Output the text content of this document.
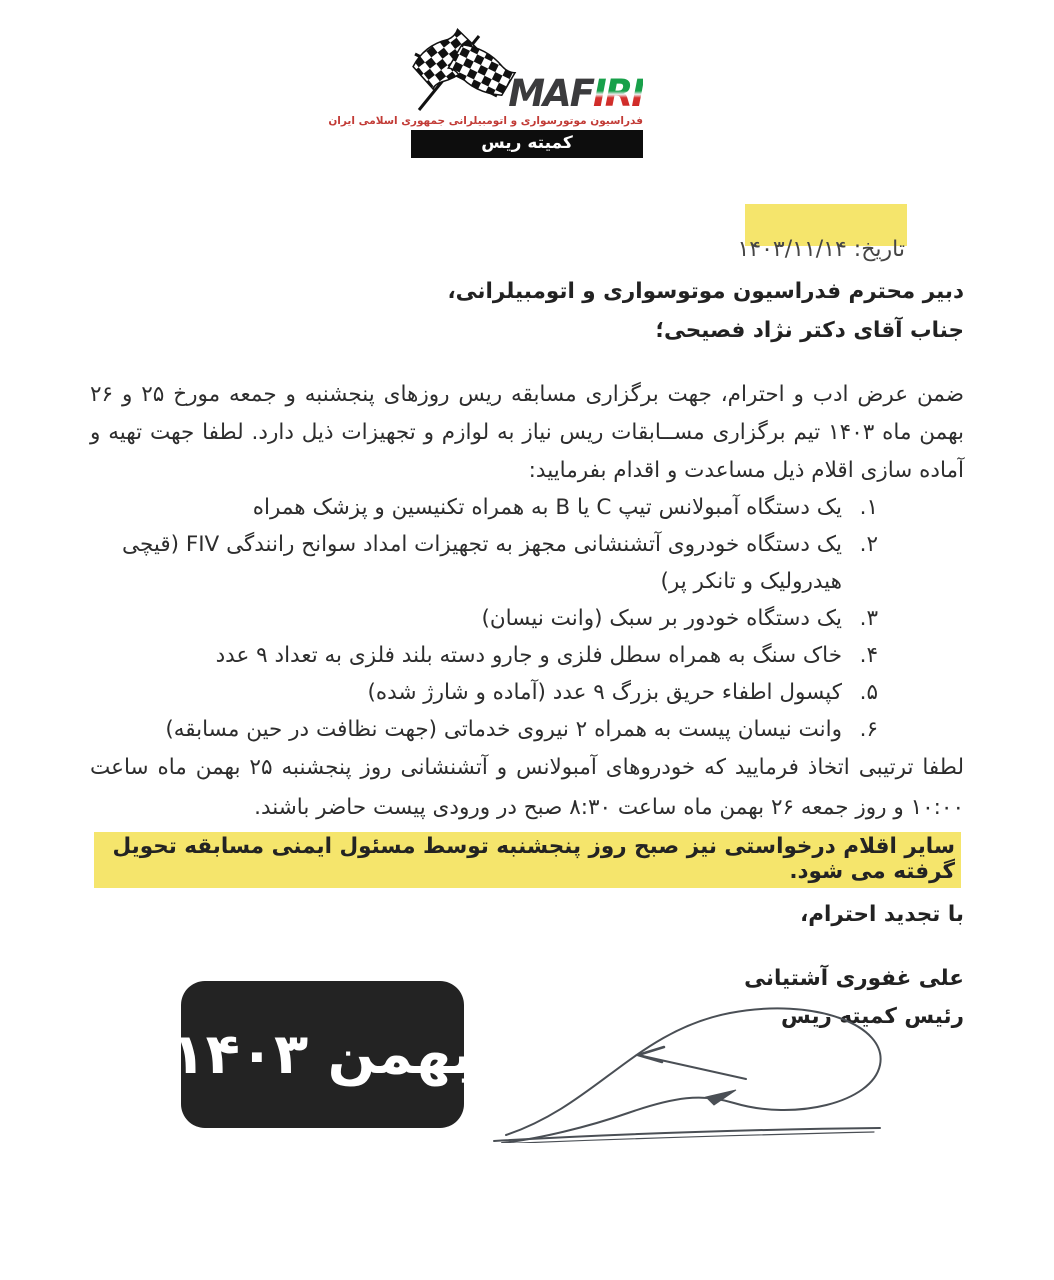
MAFIRI
فدراسیون موتورسواری و اتومبیلرانی جمهوری اسلامی ایران
کمیته ریس
تاریخ: ۱۴۰۳/۱۱/۱۴
دبیر محترم فدراسیون موتوسواری و اتومبیلرانی،
جناب آقای دکتر نژاد فصیحی؛
ضمن عرض ادب و احترام، جهت برگزاری مسابقه ریس روزهای پنجشنبه و جمعه مورخ ۲۵ و ۲۶ بهمن ماه ۱۴۰۳ تیم برگزاری مســابقات ریس نیاز به لوازم و تجهیزات ذیل دارد. لطفا جهت تهیه و آماده سازی اقلام ذیل مساعدت و اقدام بفرمایید:
۱.
یک دستگاه آمبولانس تیپ C یا B به همراه تکنیسین و پزشک همراه
۲.
یک دستگاه خودروی آتشنشانی مجهز به تجهیزات امداد سوانح رانندگی FIV (قیچی هیدرولیک و تانکر پر)
۳.
یک دستگاه خودور بر سبک (وانت نیسان)
۴.
خاک سنگ به همراه سطل فلزی و جارو دسته بلند فلزی به تعداد ۹ عدد
۵.
کپسول اطفاء حریق بزرگ ۹ عدد (آماده و شارژ شده)
۶.
وانت نیسان پیست به همراه ۲ نیروی خدماتی (جهت نظافت در حین مسابقه)
لطفا ترتیبی اتخاذ فرمایید که خودروهای آمبولانس و آتشنشانی روز پنجشنبه ۲۵ بهمن ماه ساعت ۱۰:۰۰ و روز جمعه ۲۶ بهمن ماه ساعت ۸:۳۰ صبح در ورودی پیست حاضر باشند.
سایر اقلام درخواستی نیز صبح روز پنجشنبه توسط مسئول ایمنی مسابقه تحویل گرفته می شود.
با تجدید احترام،
علی غفوری آشتیانی
رئیس کمیته ریس
بهمن ۱۴۰۳
